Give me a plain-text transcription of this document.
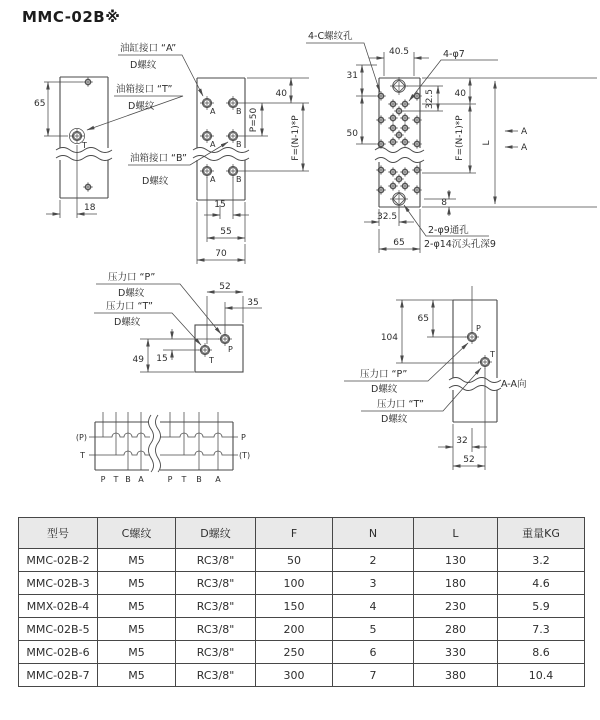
MMC-02B※
T
65
18
油缸接口 “A”
D螺纹
油箱接口 “T”
D螺纹
油箱接口 “B”
D螺纹
A	B
A	B
A	B
40
P=50	F=(N-1)*P
15
55
70
4-C螺纹孔
40.5	4-φ7
31
50
32.5 40
F=(N-1)*P L
A
A
8
2-φ9通孔
2-φ14沉头孔深9
32.5
65
P
T
52
35
49 15
压力口 “P”
D螺纹
压力口 “T”
D螺纹
P
T
65
104
压力口 “P”
D螺纹
压力口 “T”
D螺纹
A-A向
32
52
(P)
T
P
(T)
P T B A	P T B A
型号	C螺纹	D螺纹	F	N	L	重量KG
MMC-02B-2	M5	RC3/8"	50	2	130	3.2
MMC-02B-3	M5	RC3/8"	100	3	180	4.6
MMX-02B-4	M5	RC3/8"	150	4	230	5.9
MMC-02B-5	M5	RC3/8"	200	5	280	7.3
MMC-02B-6	M5	RC3/8"	250	6	330	8.6
MMC-02B-7	M5	RC3/8"	300	7	380	10.4
